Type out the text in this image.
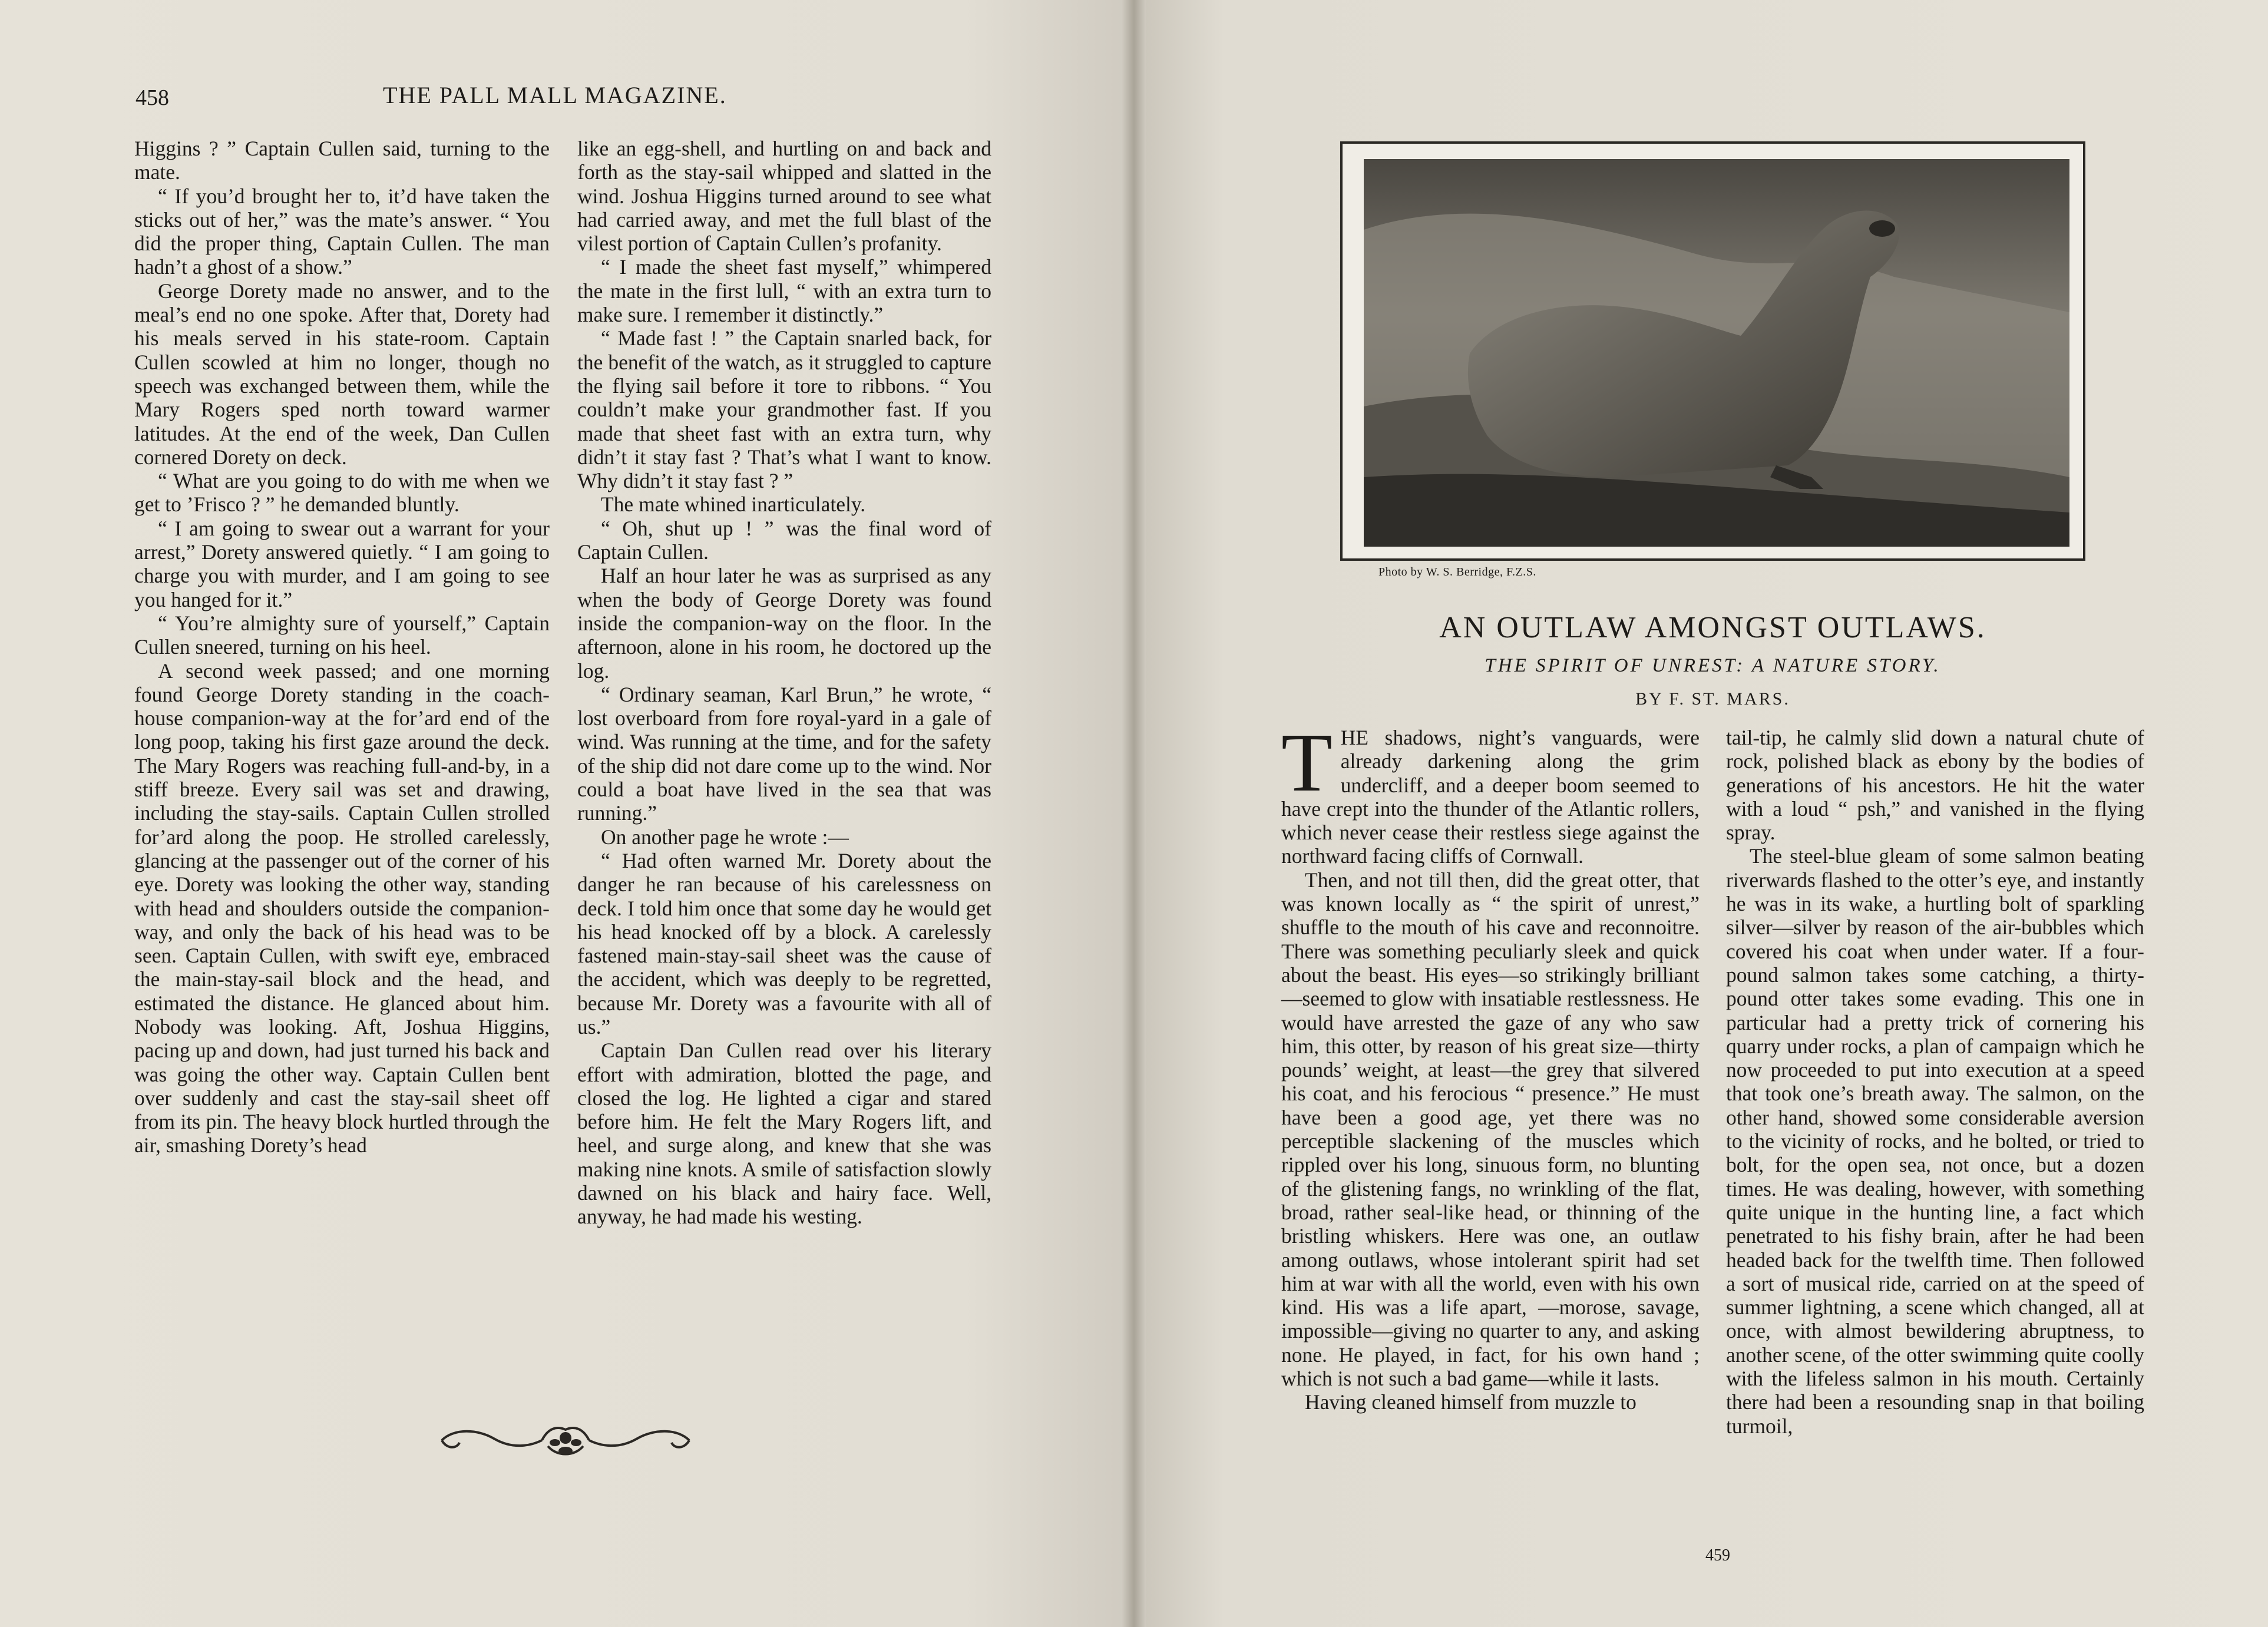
458	THE PALL MALL MAGAZINE.

Higgins ? ” Captain Cullen said, turning to the mate.

“ If you’d brought her to, it’d have taken the sticks out of her,” was the mate’s answer. “ You did the proper thing, Captain Cullen. The man hadn’t a ghost of a show.”

George Dorety made no answer, and to the meal’s end no one spoke. After that, Dorety had his meals served in his state-room. Captain Cullen scowled at him no longer, though no speech was exchanged between them, while the Mary Rogers sped north toward warmer latitudes. At the end of the week, Dan Cullen cornered Dorety on deck.

“ What are you going to do with me when we get to ’Frisco ? ” he demanded bluntly.

“ I am going to swear out a warrant for your arrest,” Dorety answered quietly. “ I am going to charge you with murder, and I am going to see you hanged for it.”

“ You’re almighty sure of yourself,” Captain Cullen sneered, turning on his heel.

A second week passed; and one morning found George Dorety standing in the coach-house companion-way at the for’ard end of the long poop, taking his first gaze around the deck. The Mary Rogers was reaching full-and-by, in a stiff breeze. Every sail was set and drawing, including the stay-sails. Captain Cullen strolled for’ard along the poop. He strolled carelessly, glancing at the passenger out of the corner of his eye. Dorety was looking the other way, standing with head and shoulders outside the companion-way, and only the back of his head was to be seen. Captain Cullen, with swift eye, embraced the main-stay-sail block and the head, and estimated the distance. He glanced about him. Nobody was looking. Aft, Joshua Higgins, pacing up and down, had just turned his back and was going the other way. Captain Cullen bent over suddenly and cast the stay-sail sheet off from its pin. The heavy block hurtled through the air, smashing Dorety’s head

like an egg-shell, and hurtling on and back and forth as the stay-sail whipped and slatted in the wind. Joshua Higgins turned around to see what had carried away, and met the full blast of the vilest portion of Captain Cullen’s profanity.

“ I made the sheet fast myself,” whimpered the mate in the first lull, “ with an extra turn to make sure. I remember it distinctly.”

“ Made fast ! ” the Captain snarled back, for the benefit of the watch, as it struggled to capture the flying sail before it tore to ribbons. “ You couldn’t make your grandmother fast. If you made that sheet fast with an extra turn, why didn’t it stay fast ? That’s what I want to know. Why didn’t it stay fast ? ”

The mate whined inarticulately.

“ Oh, shut up ! ” was the final word of Captain Cullen.

Half an hour later he was as surprised as any when the body of George Dorety was found inside the companion-way on the floor. In the afternoon, alone in his room, he doctored up the log.

“ Ordinary seaman, Karl Brun,” he wrote, “ lost overboard from fore royal-yard in a gale of wind. Was running at the time, and for the safety of the ship did not dare come up to the wind. Nor could a boat have lived in the sea that was running.”

On another page he wrote :—

“ Had often warned Mr. Dorety about the danger he ran because of his carelessness on deck. I told him once that some day he would get his head knocked off by a block. A carelessly fastened main-stay-sail sheet was the cause of the accident, which was deeply to be regretted, because Mr. Dorety was a favourite with all of us.”

Captain Dan Cullen read over his literary effort with admiration, blotted the page, and closed the log. He lighted a cigar and stared before him. He felt the Mary Rogers lift, and heel, and surge along, and knew that she was making nine knots. A smile of satisfaction slowly dawned on his black and hairy face. Well, anyway, he had made his westing.

Photo by W. S. Berridge, F.Z.S.
AN OUTLAW AMONGST OUTLAWS.
THE SPIRIT OF UNREST: A NATURE STORY.
BY F. ST. MARS.

THE shadows, night’s vanguards, were already darkening along the grim undercliff, and a deeper boom seemed to have crept into the thunder of the Atlantic rollers, which never cease their restless siege against the northward facing cliffs of Cornwall.

Then, and not till then, did the great otter, that was known locally as “ the spirit of unrest,” shuffle to the mouth of his cave and reconnoitre. There was something peculiarly sleek and quick about the beast. His eyes—so strikingly brilliant—seemed to glow with insatiable restlessness. He would have arrested the gaze of any who saw him, this otter, by reason of his great size—thirty pounds’ weight, at least—the grey that silvered his coat, and his ferocious “ presence.” He must have been a good age, yet there was no perceptible slackening of the muscles which rippled over his long, sinuous form, no blunting of the glistening fangs, no wrinkling of the flat, broad, rather seal-like head, or thinning of the bristling whiskers. Here was one, an outlaw among outlaws, whose intolerant spirit had set him at war with all the world, even with his own kind. His was a life apart, —morose, savage, impossible—giving no quarter to any, and asking none. He played, in fact, for his own hand ; which is not such a bad game—while it lasts.

Having cleaned himself from muzzle to

tail-tip, he calmly slid down a natural chute of rock, polished black as ebony by the bodies of generations of his ancestors. He hit the water with a loud “ psh,” and vanished in the flying spray.

The steel-blue gleam of some salmon beating riverwards flashed to the otter’s eye, and instantly he was in its wake, a hurtling bolt of sparkling silver—silver by reason of the air-bubbles which covered his coat when under water. If a four-pound salmon takes some catching, a thirty-pound otter takes some evading. This one in particular had a pretty trick of cornering his quarry under rocks, a plan of campaign which he now proceeded to put into execution at a speed that took one’s breath away. The salmon, on the other hand, showed some considerable aversion to the vicinity of rocks, and he bolted, or tried to bolt, for the open sea, not once, but a dozen times. He was dealing, however, with something quite unique in the hunting line, a fact which penetrated to his fishy brain, after he had been headed back for the twelfth time. Then followed a sort of musical ride, carried on at the speed of summer lightning, a scene which changed, all at once, with almost bewildering abruptness, to another scene, of the otter swimming quite coolly with the lifeless salmon in his mouth. Certainly there had been a resounding snap in that boiling turmoil,

459
